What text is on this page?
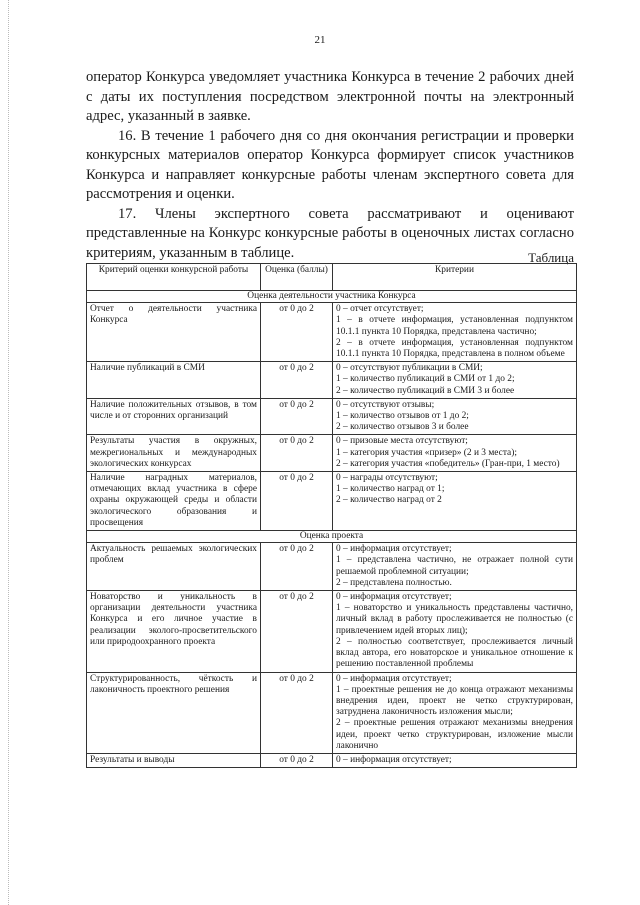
21

оператор Конкурса уведомляет участника Конкурса в течение 2 рабочих дней с даты их поступления посредством электронной почты на электронный адрес, указанный в заявке.

16. В течение 1 рабочего дня со дня окончания регистрации и проверки конкурсных материалов оператор Конкурса формирует список участников Конкурса и направляет конкурсные работы членам экспертного совета для рассмотрения и оценки.

17. Члены экспертного совета рассматривают и оценивают представленные на Конкурс конкурсные работы в оценочных листах согласно критериям, указанным в таблице.	Таблица
Критерий оценки конкурсной работы	Оценка (баллы)	Критерии
Оценка деятельности участника Конкурса		
Отчет о деятельности участника Конкурса	от 0 до 2	0 – отчет отсутствует;
1 – в отчете информация, установленная подпунктом 10.1.1 пункта 10 Порядка, представлена частично;
2 – в отчете информация, установленная подпунктом 10.1.1 пункта 10 Порядка, представлена в полном объеме

Наличие публикаций в СМИ	от 0 до 2	0 – отсутствуют публикации в СМИ;
1 – количество публикаций в СМИ от 1 до 2;
2 – количество публикаций в СМИ 3 и более

Наличие положительных отзывов, в том числе и от сторонних организаций	от 0 до 2	0 – отсутствуют отзывы;
1 – количество отзывов от 1 до 2;
2 – количество отзывов 3 и более

Результаты участия в окружных, межрегиональных и международных экологических конкурсах	от 0 до 2	0 – призовые места отсутствуют;
1 – категория участия «призер» (2 и 3 места);
2 – категория участия «победитель» (Гран-при, 1 место)

Наличие наградных материалов, отмечающих вклад участника в сфере охраны окружающей среды и области экологического образования и просвещения	от 0 до 2	0 – награды отсутствуют;
1 – количество наград от 1;
2 – количество наград от 2

Оценка проекта		
Актуальность решаемых экологических проблем	от 0 до 2	0 – информация отсутствует;
1 – представлена частично, не отражает полной сути решаемой проблемной ситуации;
2 – представлена полностью.

Новаторство и уникальность в организации деятельности участника Конкурса и его личное участие в реализации эколого-просветительского или природоохранного проекта	от 0 до 2	0 – информация отсутствует;
1 – новаторство и уникальность представлены частично, личный вклад в работу прослеживается не полностью (с привлечением идей вторых лиц);
2 – полностью соответствует, прослеживается личный вклад автора, его новаторское и уникальное отношение к решению поставленной проблемы

Структурированность, чёткость и лаконичность проектного решения	от 0 до 2	0 – информация отсутствует;
1 – проектные решения не до конца отражают механизмы внедрения идеи, проект не четко структурирован, затруднена лаконичность изложения мысли;
2 – проектные решения отражают механизмы внедрения идеи, проект четко структурирован, изложение мысли лаконично

Результаты и выводы	от 0 до 2	0 – информация отсутствует;
